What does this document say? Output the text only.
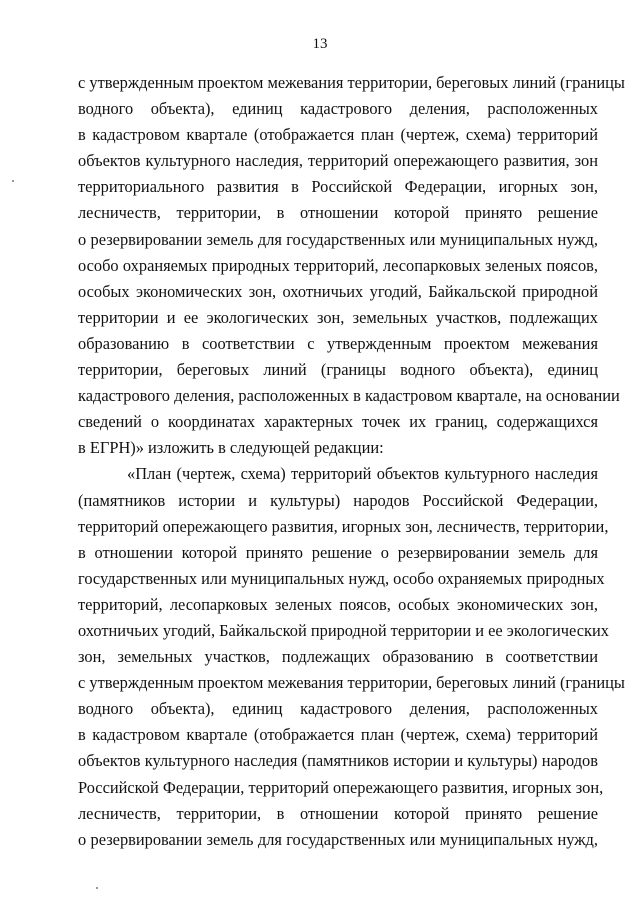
13
с утвержденным проектом межевания территории, береговых линий (границы
водного объекта), единиц кадастрового деления, расположенных
в кадастровом квартале (отображается план (чертеж, схема) территорий
объектов культурного наследия, территорий опережающего развития, зон
территориального развития в Российской Федерации, игорных зон,
лесничеств, территории, в отношении которой принято решение
о резервировании земель для государственных или муниципальных нужд,
особо охраняемых природных территорий, лесопарковых зеленых поясов,
особых экономических зон, охотничьих угодий, Байкальской природной
территории и ее экологических зон, земельных участков, подлежащих
образованию в соответствии с утвержденным проектом межевания
территории, береговых линий (границы водного объекта), единиц
кадастрового деления, расположенных в кадастровом квартале, на основании
сведений о координатах характерных точек их границ, содержащихся
в ЕГРН)» изложить в следующей редакции:
«План (чертеж, схема) территорий объектов культурного наследия
(памятников истории и культуры) народов Российской Федерации,
территорий опережающего развития, игорных зон, лесничеств, территории,
в отношении которой принято решение о резервировании земель для
государственных или муниципальных нужд, особо охраняемых природных
территорий, лесопарковых зеленых поясов, особых экономических зон,
охотничьих угодий, Байкальской природной территории и ее экологических
зон, земельных участков, подлежащих образованию в соответствии
с утвержденным проектом межевания территории, береговых линий (границы
водного объекта), единиц кадастрового деления, расположенных
в кадастровом квартале (отображается план (чертеж, схема) территорий
объектов культурного наследия (памятников истории и культуры) народов
Российской Федерации, территорий опережающего развития, игорных зон,
лесничеств, территории, в отношении которой принято решение
о резервировании земель для государственных или муниципальных нужд,
